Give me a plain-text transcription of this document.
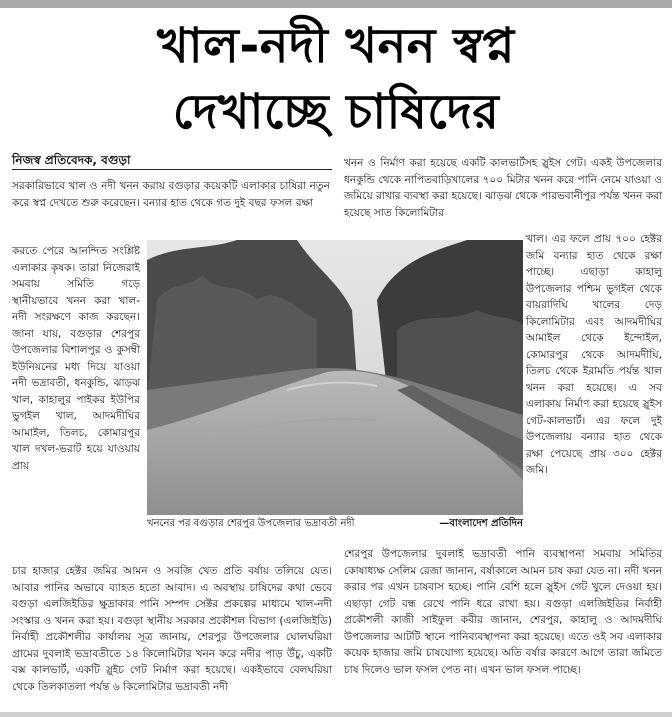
খাল-নদী খনন স্বপ্ন
দেখাচ্ছে চাষিদের
নিজস্ব প্রতিবেদক, বগুড়া
সরকারিভাবে খাল ও নদী খনন করায় বগুড়ার কয়েকটি এলাকার চাষিরা নতুন করে স্বপ্ন দেখতে শুরু করেছেন। বন্যার হাত থেকে গত দুই বছর ফসল রক্ষা
করতে পেরে আনন্দিত সংশ্লিষ্ট এলাকার কৃষক। তারা নিজেরাই সমবায় সমিতি গড়ে স্থানীয়ভাবে খনন করা খাল-নদী সংরক্ষণে কাজ করছেন। জানা যায়, বগুড়ার শেরপুর উপজেলার বিশালপুর ও কুসম্বী ইউনিয়নের মধ্য দিয়ে যাওয়া নদী ভদ্রাবতী, ধনকুন্ডি, ঝাড়ঝ খাল, কাহালুর পাইকর ইউপির ভুগইল খাল, আদমদীঘির আমাইল, তিলচ, কোমারপুর খাল দখল-ভরাট হয়ে যাওয়ায় প্রায়
চার হাজার হেক্টর জমির আমন ও সবজি খেত প্রতি বর্ষায় তলিয়ে যেত। আবার পানির অভাবে ব্যাহত হতো আবাদ। এ অবস্থায় চাষিদের কথা ভেবে বগুড়া এলজিইডির ক্ষুদ্রাকার পানি সম্পদ সেক্টর প্রকল্পের মাধ্যমে খাল-নদী সংস্কার ও খনন করা হয়। বগুড়া স্থানীয় সরকার প্রকৌশল বিভাগ (এলজিইডি) নির্বাহী প্রকৌশলীর কার্যালয় সূত্র জানায়, শেরপুর উপজেলার ঘোলঘরিয়া গ্রামের দুবলাই ভদ্রাবতীতে ১৪ কিলোমিটার খনন করে নদীর পাড় উঁচু, একটি বক্স কালভার্ট, একটি স্লুইচ গেট নির্মাণ করা হয়েছে। একইভাবে বেলঘরিয়া থেকে তিলকাতলা পর্যন্ত ৬ কিলোমিটার ভদ্রাবতী নদী
খনন ও নির্মাণ করা হয়েছে একটি কালভার্টসহ স্লুইস গেট। একই উপজেলার ধনকুন্ডি থেকে নাপিতবাড়িখালের ৭০০ মিটার খনন করে পানি নেমে যাওয়া ও জমিয়ে রাখার ব্যবস্থা করা হয়েছে। ঝাড়ঝ থেকে পারভবানীপুর পর্যন্ত খনন করা হয়েছে সাত কিলোমিটার
খাল। এর ফলে প্রায় ৭০০ হেক্টর জমি বন্যার হাত থেকে রক্ষা পাচ্ছে। এছাড়া কাহালু উপজেলার পশ্চিম ভুগইল থেকে বায়রাদিঘি খালের দেড় কিলোমিটার এবং আদমদীঘির আমাইল থেকে ইন্দোইল, কোমারপুর থেকে আদমদীঘি, তিলচ থেকে ইরামতি পর্যন্ত খাল খনন করা হয়েছে। এ সব এলাকায় নির্মাণ করা হয়েছে স্লুইস গেট-কালভার্ট। এর ফলে দুই উপজেলায় বন্যার হাত থেকে রক্ষা পেয়েছে প্রায় ৩০০ হেক্টর জমি।
শেরপুর উপজেলার দুবলাই ভদ্রাবতী পানি ব্যবস্থাপনা সমবায় সমিতির কোষাধ্যক্ষ সেলিম রেজা জানান, বর্ষাকালে আমন চাষ করা যেত না। নদী খনন করার পর এখন চাষবাস হচ্ছে। পানি বেশি হলে স্লুইস গেট খুলে দেওয়া হয়। এছাড়া গেট বন্ধ রেখে পানি ধরে রাখা হয়। বগুড়া এলজিইডির নির্বাহী প্রকৌশলী কাজী সাইফুল কবীর জানান, শেরপুর, কাহালু ও আদমদীঘি উপজেলার আটটি স্থানে পানিব্যবস্থাপনা করা হয়েছে। এতে ওই সব এলাকার কয়েক হাজার জমি চাষযোগ্য হয়েছে। অতি বর্ষার কারণে আগে তারা জমিতে চাষ দিলেও ভাল ফসল পেত না। এখন ভাল ফসল পাচ্ছে।
খননের পর বগুড়ার শেরপুর উপজেলার ভদ্রাবতী নদী	—বাংলাদেশ প্রতিদিন
